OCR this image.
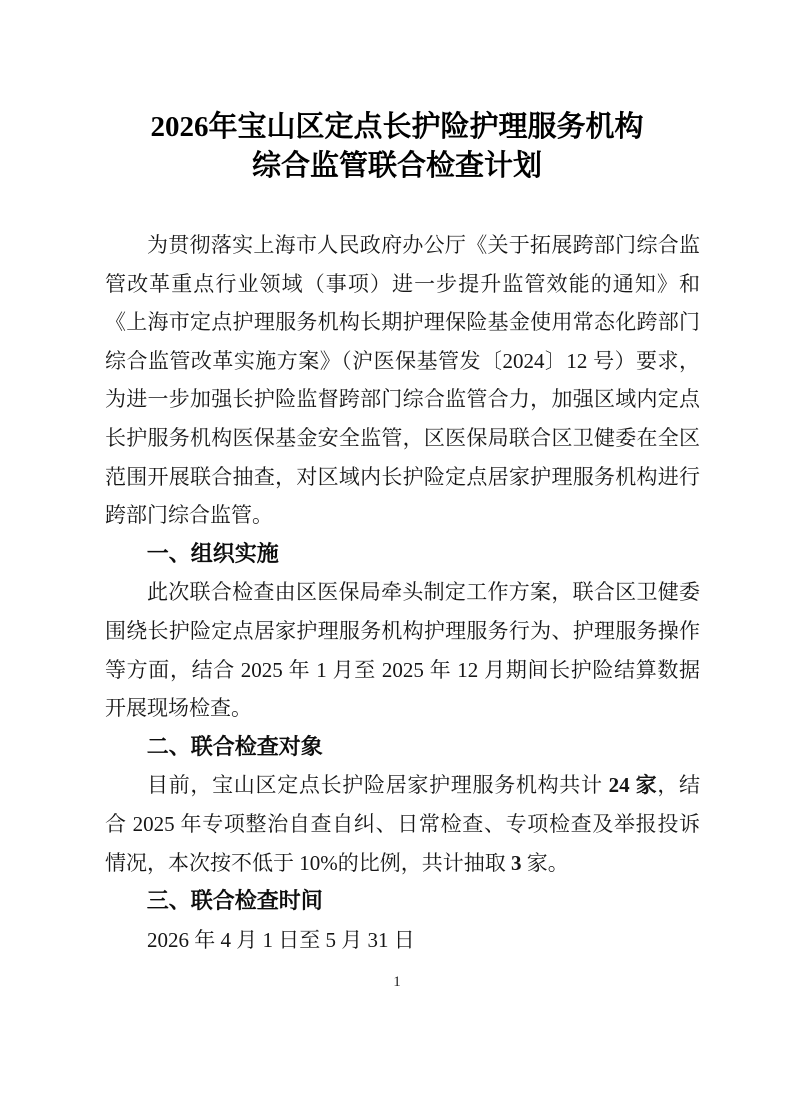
2026年宝山区定点长护险护理服务机构
综合监管联合检查计划

为贯彻落实上海市人民政府办公厅《关于拓展跨部门综合监管改革重点行业领域（事项）进一步提升监管效能的通知》和《上海市定点护理服务机构长期护理保险基金使用常态化跨部门综合监管改革实施方案》（沪医保基管发〔2024〕12 号）要求，为进一步加强长护险监督跨部门综合监管合力，加强区域内定点长护服务机构医保基金安全监管，区医保局联合区卫健委在全区范围开展联合抽查，对区域内长护险定点居家护理服务机构进行跨部门综合监管。

一、组织实施

此次联合检查由区医保局牵头制定工作方案，联合区卫健委围绕长护险定点居家护理服务机构护理服务行为、护理服务操作等方面，结合 2025 年 1 月至 2025 年 12 月期间长护险结算数据开展现场检查。

二、联合检查对象

目前，宝山区定点长护险居家护理服务机构共计 24 家，结合 2025 年专项整治自查自纠、日常检查、专项检查及举报投诉情况，本次按不低于 10%的比例，共计抽取 3 家。

三、联合检查时间

2026 年 4 月 1 日至 5 月 31 日

1
